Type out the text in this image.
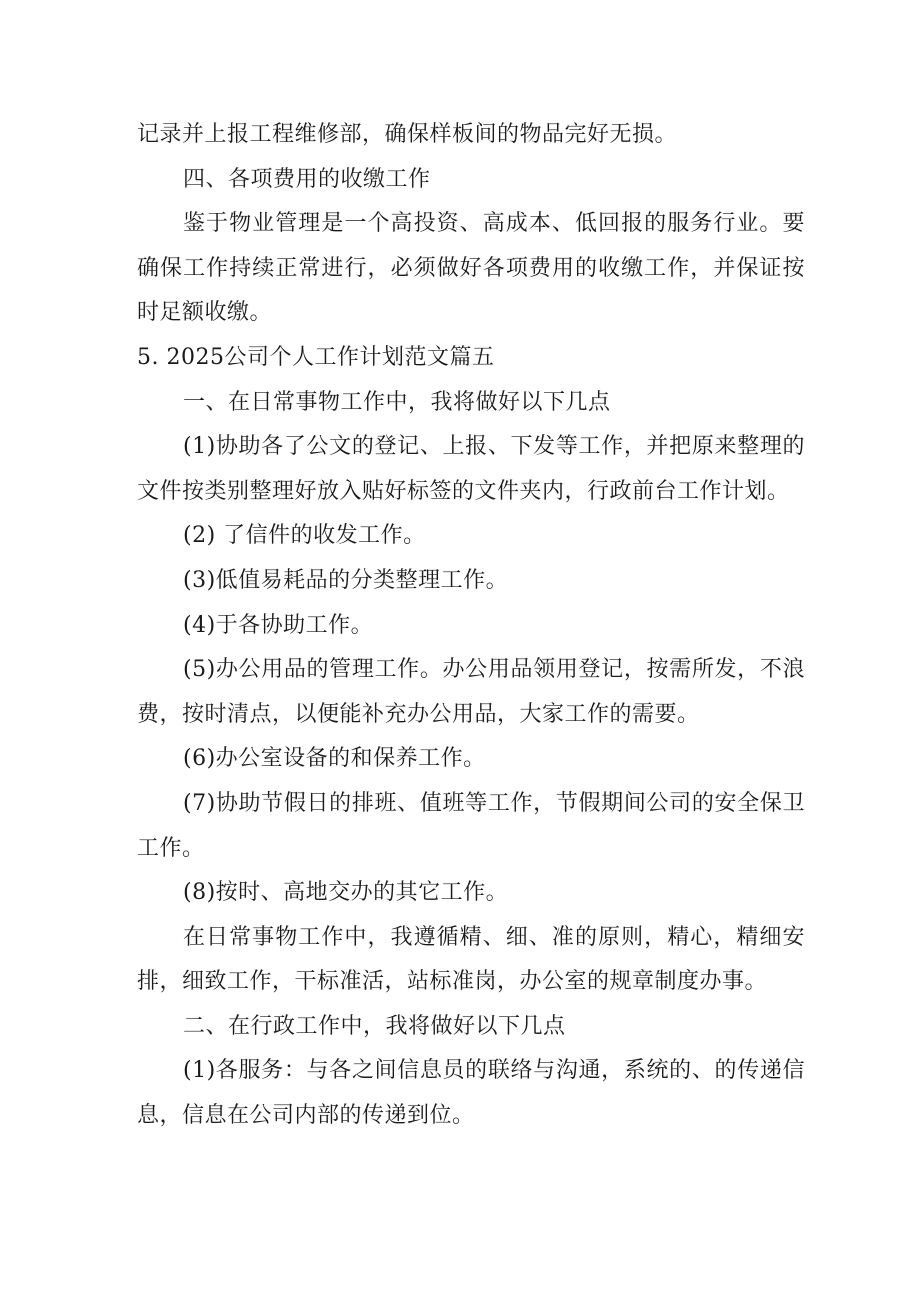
记录并上报工程维修部，确保样板间的物品完好无损。

四、各项费用的收缴工作

鉴于物业管理是一个高投资、高成本、低回报的服务行业。要确保工作持续正常进行，必须做好各项费用的收缴工作，并保证按时足额收缴。

5. 2025公司个人工作计划范文篇五

一、在日常事物工作中，我将做好以下几点

(1)协助各了公文的登记、上报、下发等工作，并把原来整理的文件按类别整理好放入贴好标签的文件夹内，行政前台工作计划。

(2) 了信件的收发工作。

(3)低值易耗品的分类整理工作。

(4)于各协助工作。

(5)办公用品的管理工作。办公用品领用登记，按需所发，不浪费，按时清点，以便能补充办公用品，大家工作的需要。

(6)办公室设备的和保养工作。

(7)协助节假日的排班、值班等工作，节假期间公司的安全保卫工作。

(8)按时、高地交办的其它工作。

在日常事物工作中，我遵循精、细、准的原则，精心，精细安排，细致工作，干标准活，站标准岗，办公室的规章制度办事。

二、在行政工作中，我将做好以下几点

(1)各服务：与各之间信息员的联络与沟通，系统的、的传递信息，信息在公司内部的传递到位。
